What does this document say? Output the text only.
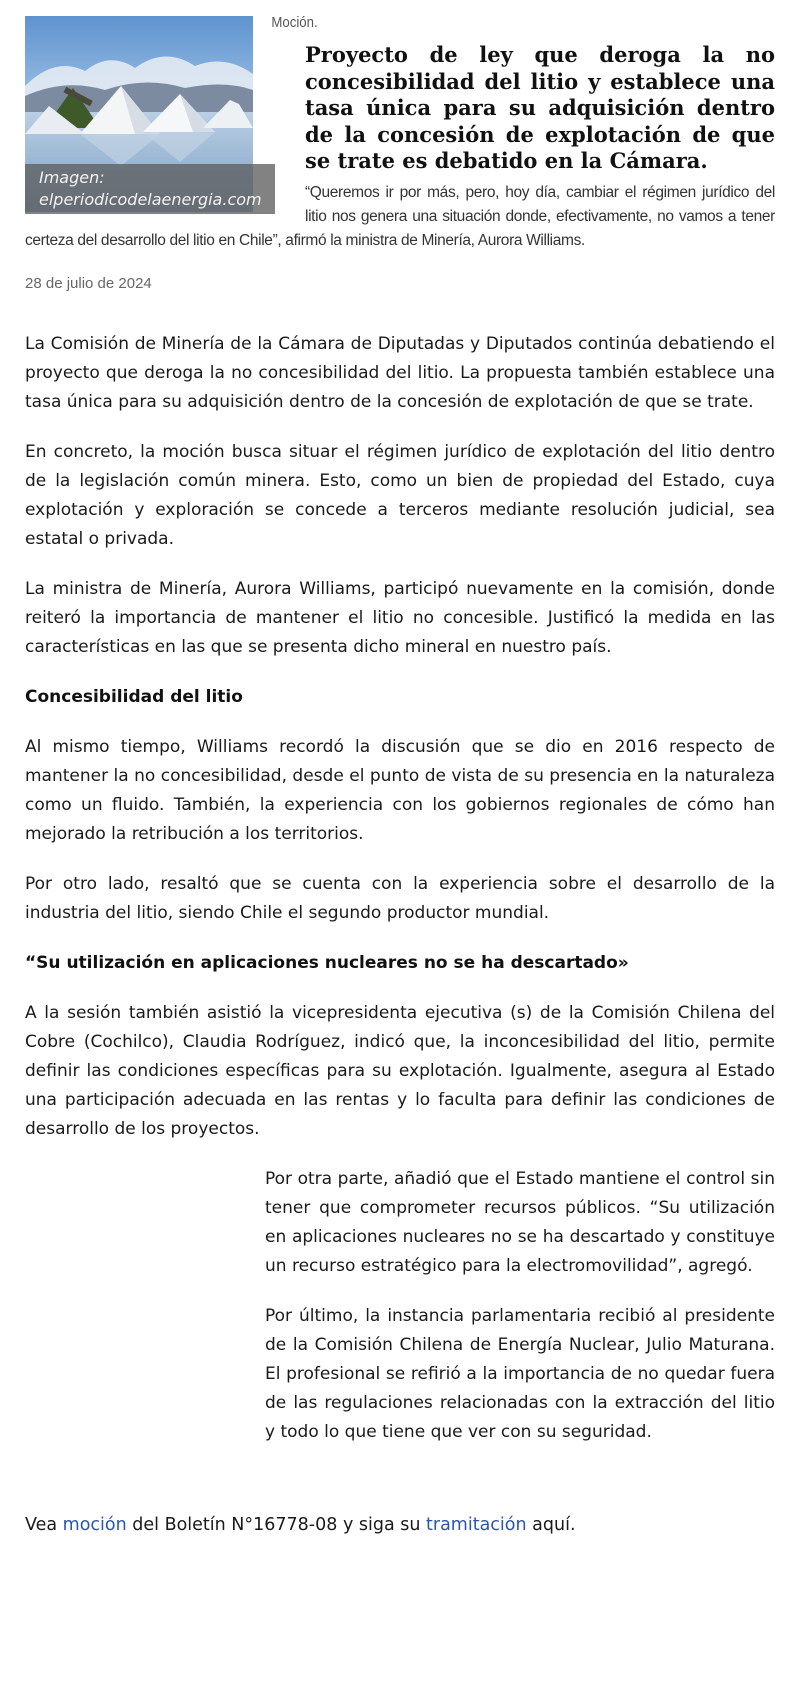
Imagen:
elperiodicodelaenergia.com
Moción.
Proyecto de ley que deroga la no concesibilidad del litio y establece una tasa única para su adquisición dentro de la concesión de explotación de que se trate es debatido en la Cámara.

“Queremos ir por más, pero, hoy día, cambiar el régimen jurídico del litio nos genera una situación donde, efectivamente, no vamos a tener certeza del desarrollo del litio en Chile”, afirmó la ministra de Minería, Aurora Williams.

28 de julio de 2024

La Comisión de Minería de la Cámara de Diputadas y Diputados continúa debatiendo el proyecto que deroga la no concesibilidad del litio. La propuesta también establece una tasa única para su adquisición dentro de la concesión de explotación de que se trate.

En concreto, la moción busca situar el régimen jurídico de explotación del litio dentro de la legislación común minera. Esto, como un bien de propiedad del Estado, cuya explotación y exploración se concede a terceros mediante resolución judicial, sea estatal o privada.

La ministra de Minería, Aurora Williams, participó nuevamente en la comisión, donde reiteró la importancia de mantener el litio no concesible. Justificó la medida en las características en las que se presenta dicho mineral en nuestro país.

Concesibilidad del litio

Al mismo tiempo, Williams recordó la discusión que se dio en 2016 respecto de mantener la no concesibilidad, desde el punto de vista de su presencia en la naturaleza como un fluido. También, la experiencia con los gobiernos regionales de cómo han mejorado la retribución a los territorios.

Por otro lado, resaltó que se cuenta con la experiencia sobre el desarrollo de la industria del litio, siendo Chile el segundo productor mundial.

“Su utilización en aplicaciones nucleares no se ha descartado»

A la sesión también asistió la vicepresidenta ejecutiva (s) de la Comisión Chilena del Cobre (Cochilco), Claudia Rodríguez, indicó que, la inconcesibilidad del litio, permite definir las condiciones específicas para su explotación. Igualmente, asegura al Estado una participación adecuada en las rentas y lo faculta para definir las condiciones de desarrollo de los proyectos.

Por otra parte, añadió que el Estado mantiene el control sin tener que comprometer recursos públicos. “Su utilización en aplicaciones nucleares no se ha descartado y constituye un recurso estratégico para la electromovilidad”, agregó.

Por último, la instancia parlamentaria recibió al presidente de la Comisión Chilena de Energía Nuclear, Julio Maturana. El profesional se refirió a la importancia de no quedar fuera de las regulaciones relacionadas con la extracción del litio y todo lo que tiene que ver con su seguridad.

Vea moción del Boletín N°16778-08 y siga su tramitación aquí.
